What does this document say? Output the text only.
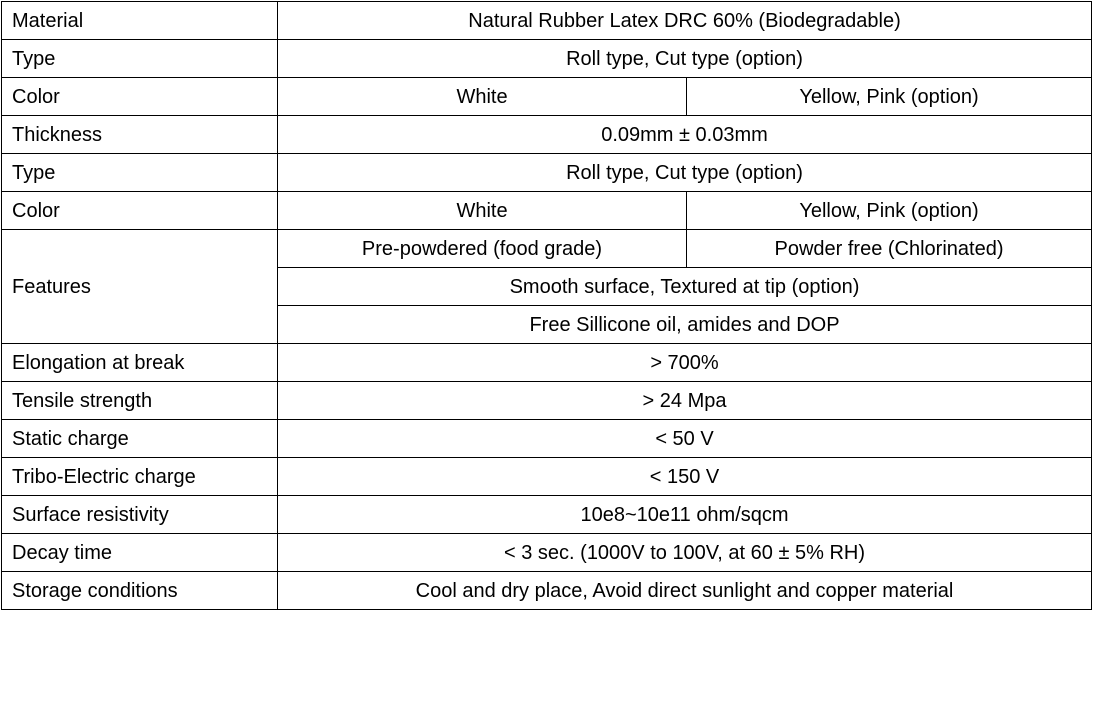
Material	Natural Rubber Latex DRC 60% (Biodegradable)	
Type	Roll type, Cut type (option)	
Color	White	Yellow, Pink (option)
Thickness	0.09mm ± 0.03mm	
Type	Roll type, Cut type (option)	
Color	White	Yellow, Pink (option)
Features	Pre-powdered (food grade)	Powder free (Chlorinated)
	Smooth surface, Textured at tip (option)	
	Free Sillicone oil, amides and DOP	
Elongation at break	> 700%	
Tensile strength	> 24 Mpa	
Static charge	< 50 V	
Tribo-Electric charge	< 150 V	
Surface resistivity	10e8~10e11 ohm/sqcm	
Decay time	< 3 sec. (1000V to 100V, at 60 ± 5% RH)	
Storage conditions	Cool and dry place, Avoid direct sunlight and copper material	
